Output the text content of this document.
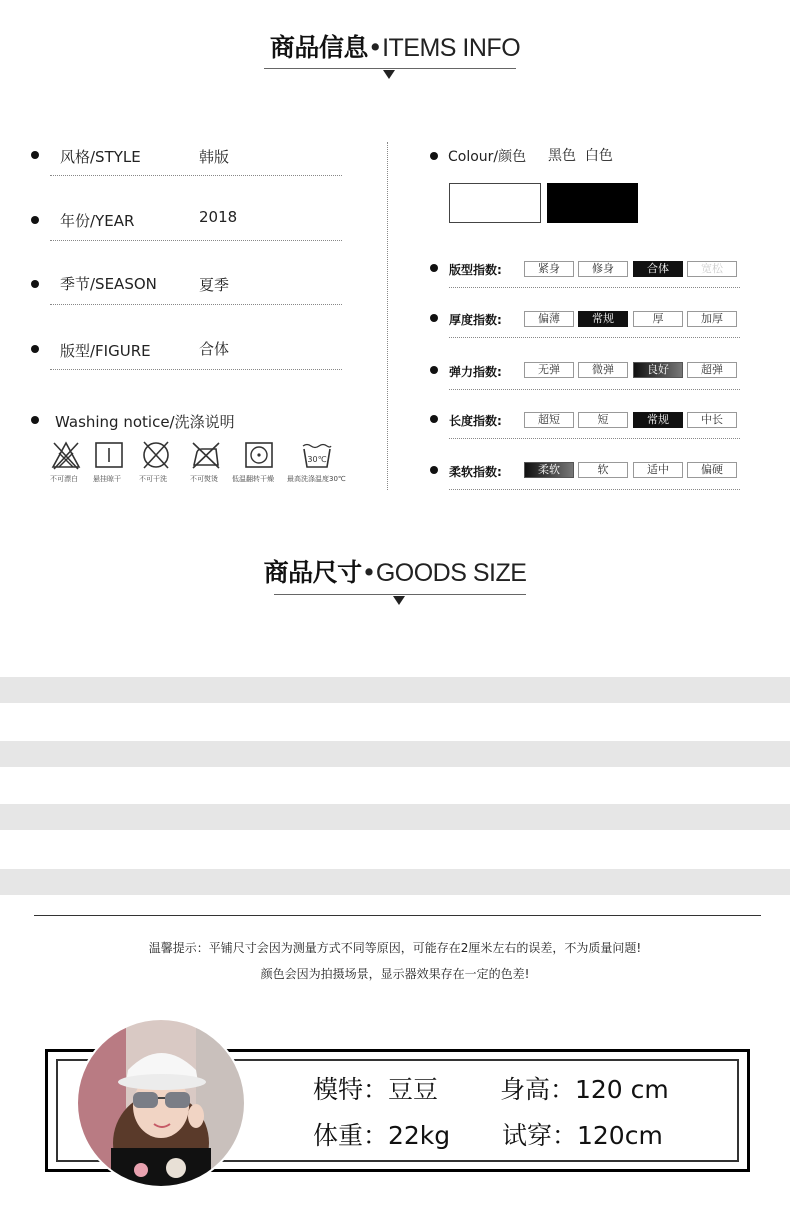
商品信息•ITEMS INFO
风格/STYLE	韩版
年份/YEAR	2018
季节/SEASON	夏季
版型/FIGURE	合体
Washing notice/洗涤说明
不可漂白 悬挂晾干	不可干洗	不可熨烫 低温翻转干燥
30℃
最高洗涤温度30℃
Colour/颜色 黑色  白色
版型指数:	紧身	修身	合体	宽松
厚度指数:	偏薄	常规	厚	加厚
弹力指数:	无弹	微弹	良好	超弹
长度指数:	超短	短	常规	中长
柔软指数:	柔软	软	适中	偏硬
商品尺寸•GOODS SIZE
温馨提示：平铺尺寸会因为测量方式不同等原因，可能存在2厘米左右的误差，不为质量问题!
颜色会因为拍摄场景，显示器效果存在一定的色差!
模特：豆豆 身高：120 cm
体重：22kg 试穿：120cm
